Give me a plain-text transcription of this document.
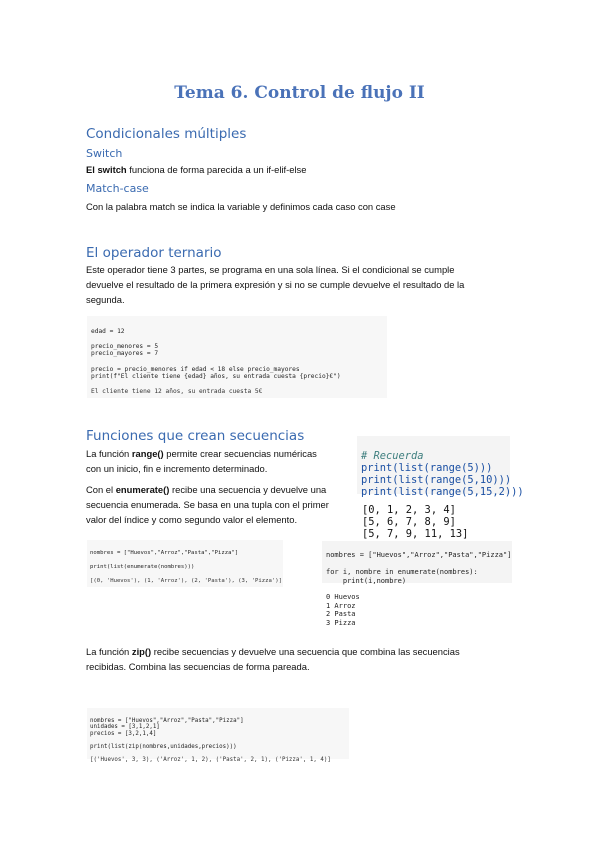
Tema 6. Control de flujo II
Condicionales múltiples
Switch
El switch funciona de forma parecida a un if-elif-else
Match-case
Con la palabra match se indica la variable y definimos cada caso con case
El operador ternario
Este operador tiene 3 partes, se programa en una sola línea. Si el condicional se cumple
devuelve el resultado de la primera expresión y si no se cumple devuelve el resultado de la
segunda.

edad = 12

precio_menores = 5
precio_mayores = 7

precio = precio_menores if edad < 18 else precio_mayores
print(f"El cliente tiene {edad} años, su entrada cuesta {precio}€")

El cliente tiene 12 años, su entrada cuesta 5€

Funciones que crean secuencias
La función range() permite crear secuencias numéricas
con un inicio, fin e incremento determinado.
Con el enumerate() recibe una secuencia y devuelve una
secuencia enumerada. Se basa en una tupla con el primer
valor del índice y como segundo valor el elemento.

# Recuerda
print(list(range(5)))
print(list(range(5,10)))
print(list(range(5,15,2)))

[0, 1, 2, 3, 4]
[5, 6, 7, 8, 9]
[5, 7, 9, 11, 13]

nombres = ["Huevos","Arroz","Pasta","Pizza"]

print(list(enumerate(nombres)))

[(0, 'Huevos'), (1, 'Arroz'), (2, 'Pasta'), (3, 'Pizza')]

nombres = ["Huevos","Arroz","Pasta","Pizza"]

for i, nombre in enumerate(nombres):
print(i,nombre)

0 Huevos
1 Arroz
2 Pasta
3 Pizza
La función zip() recibe secuencias y devuelve una secuencia que combina las secuencias
recibidas. Combina las secuencias de forma pareada.

nombres = ["Huevos","Arroz","Pasta","Pizza"]
unidades = [3,1,2,1]
precios = [3,2,1,4]

print(list(zip(nombres,unidades,precios)))

[('Huevos', 3, 3), ('Arroz', 1, 2), ('Pasta', 2, 1), ('Pizza', 1, 4)]
